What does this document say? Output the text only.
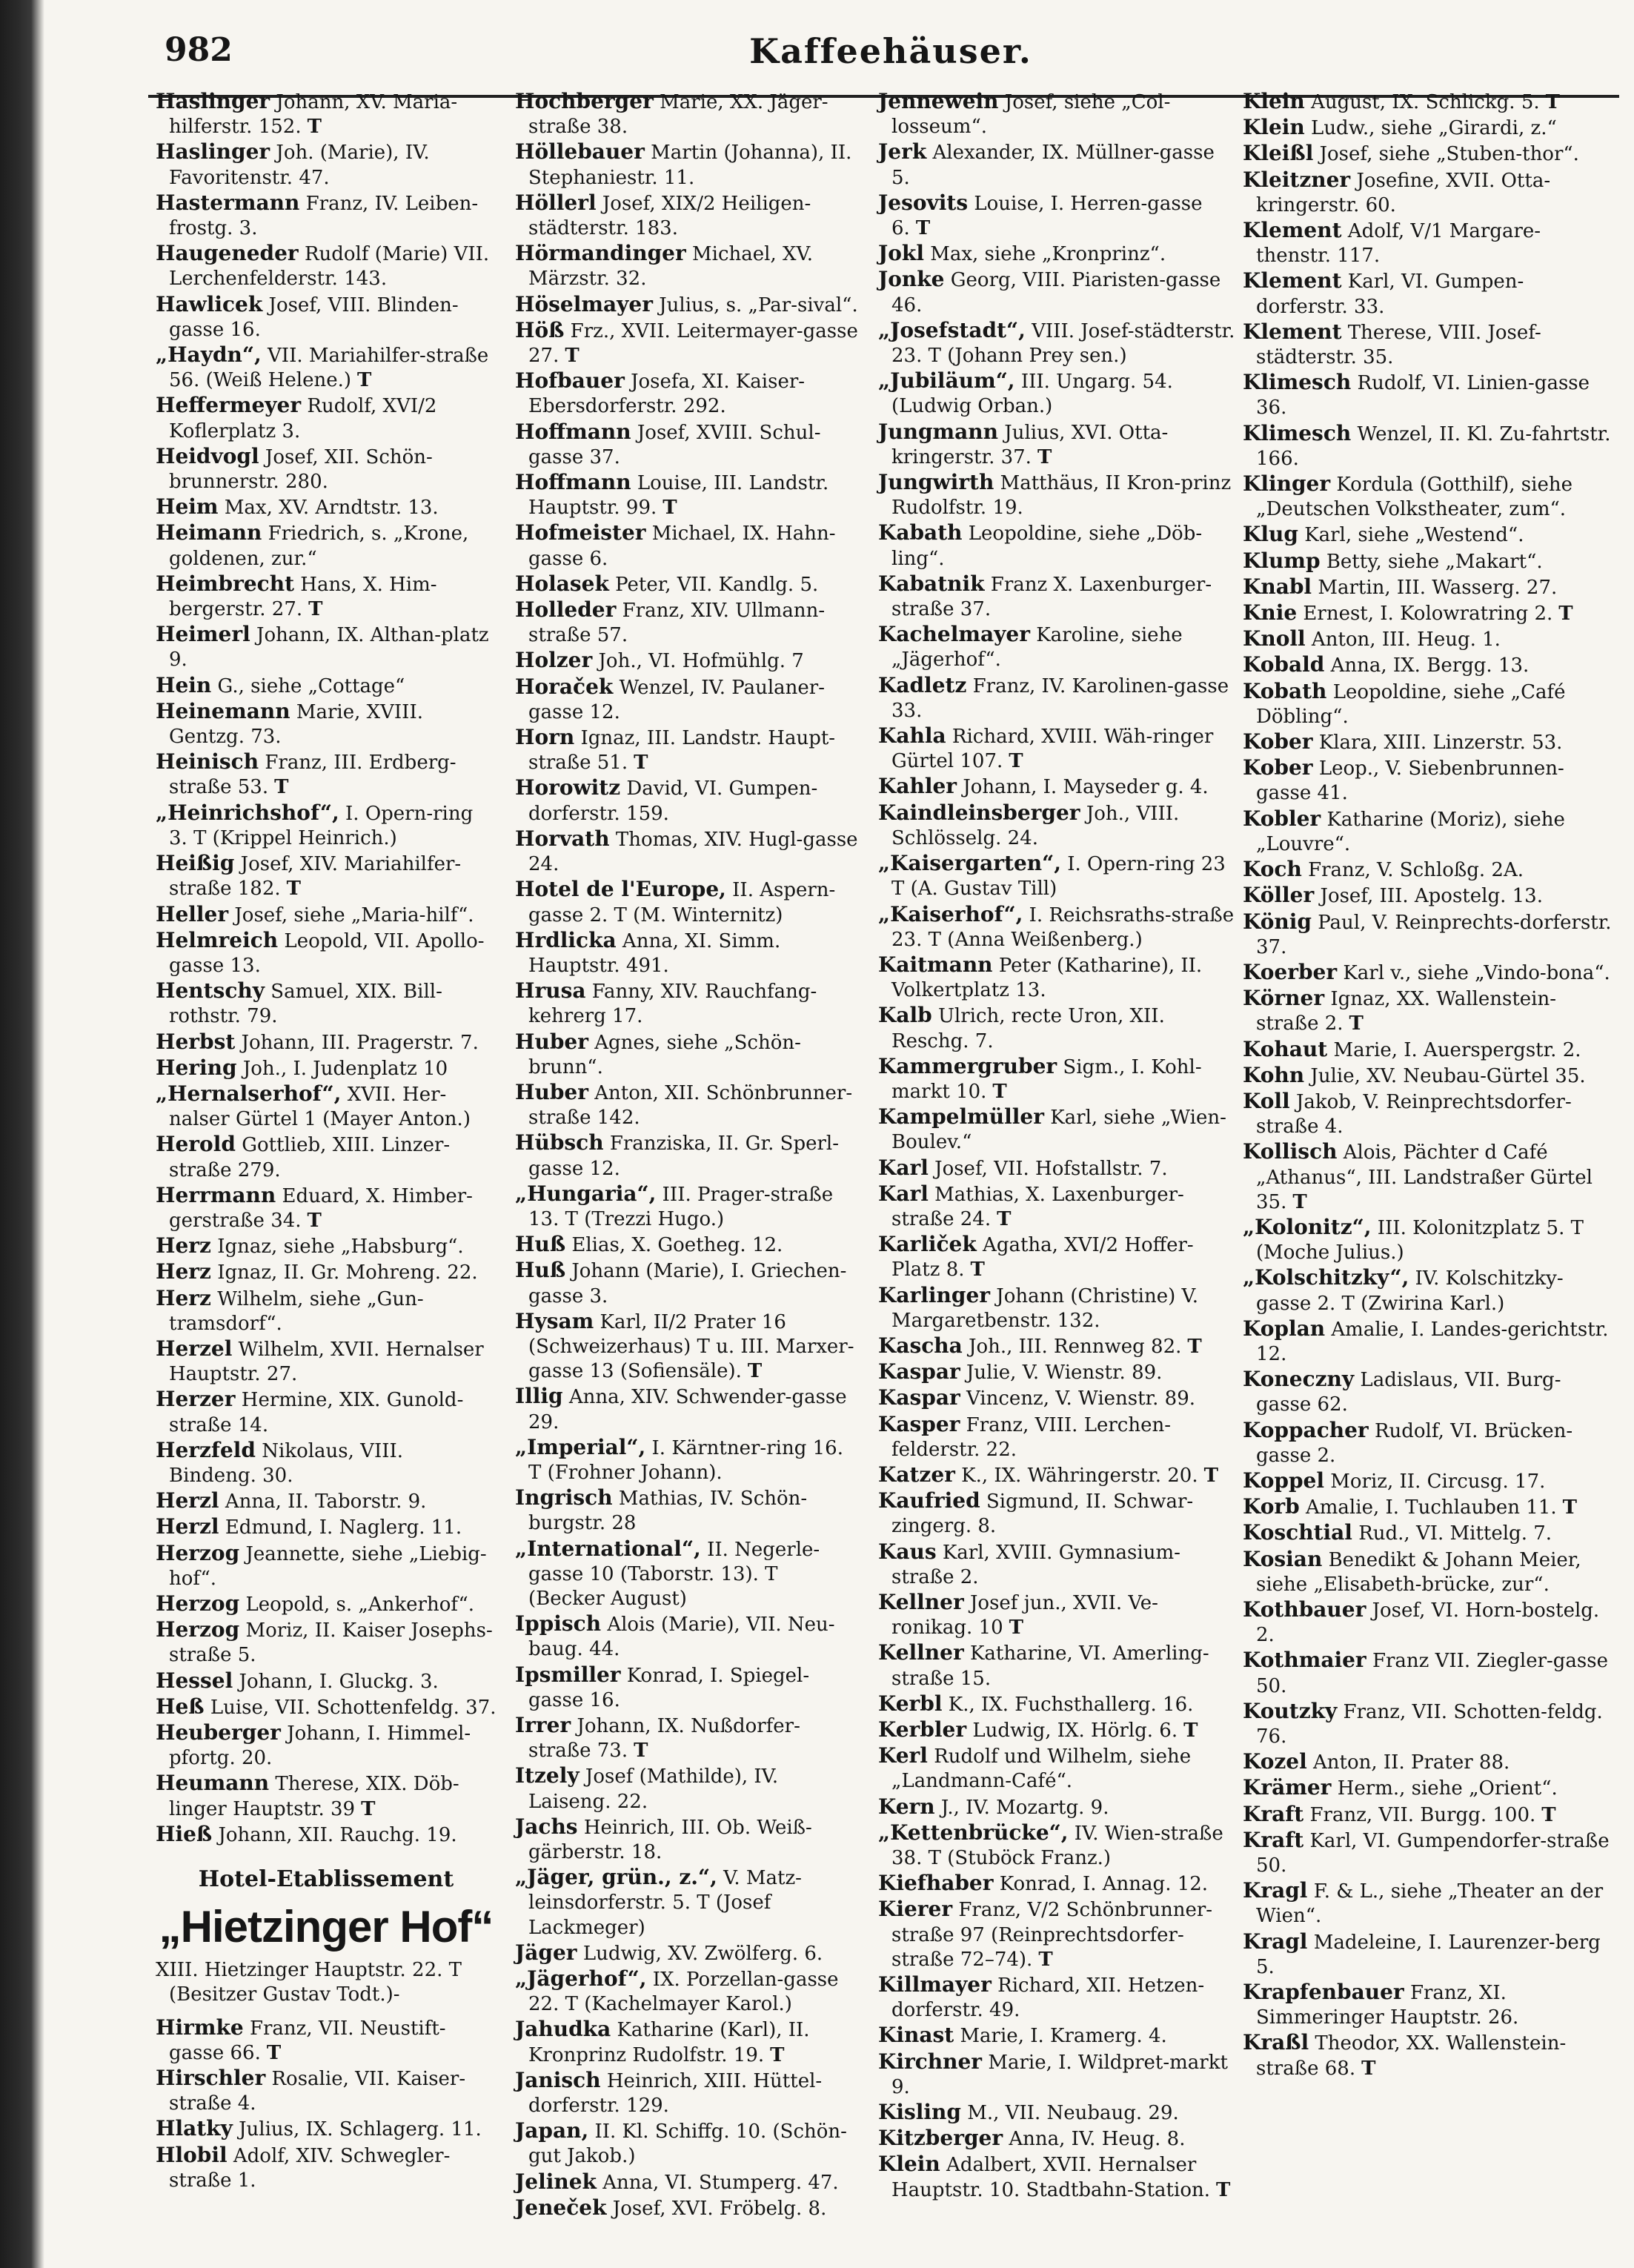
982	Kaffeehäuser.
Haslinger Johann, XV. Maria-hilferstr. 152. T
Haslinger Joh. (Marie), IV. Favoritenstr. 47.
Hastermann Franz, IV. Leiben-frostg. 3.
Haugeneder Rudolf (Marie) VII. Lerchenfelderstr. 143.
Hawlicek Josef, VIII. Blinden-gasse 16.
„Haydn“, VII. Mariahilfer-straße 56. (Weiß Helene.) T
Heffermeyer Rudolf, XVI/2 Koflerplatz 3.
Heidvogl Josef, XII. Schön-brunnerstr. 280.
Heim Max, XV. Arndtstr. 13.
Heimann Friedrich, s. „Krone, goldenen, zur.“
Heimbrecht Hans, X. Him-bergerstr. 27. T
Heimerl Johann, IX. Althan-platz 9.
Hein G., siehe „Cottage“
Heinemann Marie, XVIII. Gentzg. 73.
Heinisch Franz, III. Erdberg-straße 53. T
„Heinrichshof“, I. Opern-ring 3. T (Krippel Heinrich.)
Heißig Josef, XIV. Mariahilfer-straße 182. T
Heller Josef, siehe „Maria-hilf“.
Helmreich Leopold, VII. Apollo-gasse 13.
Hentschy Samuel, XIX. Bill-rothstr. 79.
Herbst Johann, III. Pragerstr. 7.
Hering Joh., I. Judenplatz 10
„Hernalserhof“, XVII. Her-nalser Gürtel 1 (Mayer Anton.)
Herold Gottlieb, XIII. Linzer-straße 279.
Herrmann Eduard, X. Himber-gerstraße 34. T
Herz Ignaz, siehe „Habsburg“.
Herz Ignaz, II. Gr. Mohreng. 22.
Herz Wilhelm, siehe „Gun-tramsdorf“.
Herzel Wilhelm, XVII. Hernalser Hauptstr. 27.
Herzer Hermine, XIX. Gunold-straße 14.
Herzfeld Nikolaus, VIII. Bindeng. 30.
Herzl Anna, II. Taborstr. 9.
Herzl Edmund, I. Naglerg. 11.
Herzog Jeannette, siehe „Liebig-hof“.
Herzog Leopold, s. „Ankerhof“.
Herzog Moriz, II. Kaiser Josephs-straße 5.
Hessel Johann, I. Gluckg. 3.
Heß Luise, VII. Schottenfeldg. 37.
Heuberger Johann, I. Himmel-pfortg. 20.
Heumann Therese, XIX. Döb-linger Hauptstr. 39 T
Hieß Johann, XII. Rauchg. 19.
Hotel-Etablissement
„Hietzinger Hof“
XIII. Hietzinger Hauptstr. 22. T (Besitzer Gustav Todt.)-
Hirmke Franz, VII. Neustift-gasse 66. T
Hirschler Rosalie, VII. Kaiser-straße 4.
Hlatky Julius, IX. Schlagerg. 11.
Hlobil Adolf, XIV. Schwegler-straße 1.
Hochberger Marie, XX. Jäger-straße 38.
Höllebauer Martin (Johanna), II. Stephaniestr. 11.
Höllerl Josef, XIX/2 Heiligen-städterstr. 183.
Hörmandinger Michael, XV. Märzstr. 32.
Höselmayer Julius, s. „Par-sival“.
Höß Frz., XVII. Leitermayer-gasse 27. T
Hofbauer Josefa, XI. Kaiser-Ebersdorferstr. 292.
Hoffmann Josef, XVIII. Schul-gasse 37.
Hoffmann Louise, III. Landstr. Hauptstr. 99. T
Hofmeister Michael, IX. Hahn-gasse 6.
Holasek Peter, VII. Kandlg. 5.
Holleder Franz, XIV. Ullmann-straße 57.
Holzer Joh., VI. Hofmühlg. 7
Horaček Wenzel, IV. Paulaner-gasse 12.
Horn Ignaz, III. Landstr. Haupt-straße 51. T
Horowitz David, VI. Gumpen-dorferstr. 159.
Horvath Thomas, XIV. Hugl-gasse 24.
Hotel de l'Europe, II. Aspern-gasse 2. T (M. Winternitz)
Hrdlicka Anna, XI. Simm. Hauptstr. 491.
Hrusa Fanny, XIV. Rauchfang-kehrerg 17.
Huber Agnes, siehe „Schön-brunn“.
Huber Anton, XII. Schönbrunner-straße 142.
Hübsch Franziska, II. Gr. Sperl-gasse 12.
„Hungaria“, III. Prager-straße 13. T (Trezzi Hugo.)
Huß Elias, X. Goetheg. 12.
Huß Johann (Marie), I. Griechen-gasse 3.
Hysam Karl, II/2 Prater 16 (Schweizerhaus) T u. III. Marxer-gasse 13 (Sofiensäle). T
Illig Anna, XIV. Schwender-gasse 29.
„Imperial“, I. Kärntner-ring 16. T (Frohner Johann).
Ingrisch Mathias, IV. Schön-burgstr. 28
„International“, II. Negerle-gasse 10 (Taborstr. 13). T (Becker August)
Ippisch Alois (Marie), VII. Neu-baug. 44.
Ipsmiller Konrad, I. Spiegel-gasse 16.
Irrer Johann, IX. Nußdorfer-straße 73. T
Itzely Josef (Mathilde), IV. Laiseng. 22.
Jachs Heinrich, III. Ob. Weiß-gärberstr. 18.
„Jäger, grün., z.“, V. Matz-leinsdorferstr. 5. T (Josef Lackmeger)
Jäger Ludwig, XV. Zwölferg. 6.
„Jägerhof“, IX. Porzellan-gasse 22. T (Kachelmayer Karol.)
Jahudka Katharine (Karl), II. Kronprinz Rudolfstr. 19. T
Janisch Heinrich, XIII. Hüttel-dorferstr. 129.
Japan, II. Kl. Schiffg. 10. (Schön-gut Jakob.)
Jelinek Anna, VI. Stumperg. 47.
Jeneček Josef, XVI. Fröbelg. 8.
Jennewein Josef, siehe „Col-losseum“.
Jerk Alexander, IX. Müllner-gasse 5.
Jesovits Louise, I. Herren-gasse 6. T
Jokl Max, siehe „Kronprinz“.
Jonke Georg, VIII. Piaristen-gasse 46.
„Josefstadt“, VIII. Josef-städterstr. 23. T (Johann Prey sen.)
„Jubiläum“, III. Ungarg. 54. (Ludwig Orban.)
Jungmann Julius, XVI. Otta-kringerstr. 37. T
Jungwirth Matthäus, II Kron-prinz Rudolfstr. 19.
Kabath Leopoldine, siehe „Döb-ling“.
Kabatnik Franz X. Laxenburger-straße 37.
Kachelmayer Karoline, siehe „Jägerhof“.
Kadletz Franz, IV. Karolinen-gasse 33.
Kahla Richard, XVIII. Wäh-ringer Gürtel 107. T
Kahler Johann, I. Mayseder g. 4.
Kaindleinsberger Joh., VIII. Schlösselg. 24.
„Kaisergarten“, I. Opern-ring 23 T (A. Gustav Till)
„Kaiserhof“, I. Reichsraths-straße 23. T (Anna Weißenberg.)
Kaitmann Peter (Katharine), II. Volkertplatz 13.
Kalb Ulrich, recte Uron, XII. Reschg. 7.
Kammergruber Sigm., I. Kohl-markt 10. T
Kampelmüller Karl, siehe „Wien-Boulev.“
Karl Josef, VII. Hofstallstr. 7.
Karl Mathias, X. Laxenburger-straße 24. T
Karliček Agatha, XVI/2 Hoffer-Platz 8. T
Karlinger Johann (Christine) V. Margaretbenstr. 132.
Kascha Joh., III. Rennweg 82. T
Kaspar Julie, V. Wienstr. 89.
Kaspar Vincenz, V. Wienstr. 89.
Kasper Franz, VIII. Lerchen-felderstr. 22.
Katzer K., IX. Währingerstr. 20. T
Kaufried Sigmund, II. Schwar-zingerg. 8.
Kaus Karl, XVIII. Gymnasium-straße 2.
Kellner Josef jun., XVII. Ve-ronikag. 10 T
Kellner Katharine, VI. Amerling-straße 15.
Kerbl K., IX. Fuchsthallerg. 16.
Kerbler Ludwig, IX. Hörlg. 6. T
Kerl Rudolf und Wilhelm, siehe „Landmann-Café“.
Kern J., IV. Mozartg. 9.
„Kettenbrücke“, IV. Wien-straße 38. T (Stuböck Franz.)
Kiefhaber Konrad, I. Annag. 12.
Kierer Franz, V/2 Schönbrunner-straße 97 (Reinprechtsdorfer-straße 72–74). T
Killmayer Richard, XII. Hetzen-dorferstr. 49.
Kinast Marie, I. Kramerg. 4.
Kirchner Marie, I. Wildpret-markt 9.
Kisling M., VII. Neubaug. 29.
Kitzberger Anna, IV. Heug. 8.
Klein Adalbert, XVII. Hernalser Hauptstr. 10. Stadtbahn-Station. T
Klein August, IX. Schlickg. 5. T
Klein Ludw., siehe „Girardi, z.“
Kleißl Josef, siehe „Stuben-thor“.
Kleitzner Josefine, XVII. Otta-kringerstr. 60.
Klement Adolf, V/1 Margare-thenstr. 117.
Klement Karl, VI. Gumpen-dorferstr. 33.
Klement Therese, VIII. Josef-städterstr. 35.
Klimesch Rudolf, VI. Linien-gasse 36.
Klimesch Wenzel, II. Kl. Zu-fahrtstr. 166.
Klinger Kordula (Gotthilf), siehe „Deutschen Volkstheater, zum“.
Klug Karl, siehe „Westend“.
Klump Betty, siehe „Makart“.
Knabl Martin, III. Wasserg. 27.
Knie Ernest, I. Kolowratring 2. T
Knoll Anton, III. Heug. 1.
Kobald Anna, IX. Bergg. 13.
Kobath Leopoldine, siehe „Café Döbling“.
Kober Klara, XIII. Linzerstr. 53.
Kober Leop., V. Siebenbrunnen-gasse 41.
Kobler Katharine (Moriz), siehe „Louvre“.
Koch Franz, V. Schloßg. 2A.
Köller Josef, III. Apostelg. 13.
König Paul, V. Reinprechts-dorferstr. 37.
Koerber Karl v., siehe „Vindo-bona“.
Körner Ignaz, XX. Wallenstein-straße 2. T
Kohaut Marie, I. Auerspergstr. 2.
Kohn Julie, XV. Neubau-Gürtel 35.
Koll Jakob, V. Reinprechtsdorfer-straße 4.
Kollisch Alois, Pächter d Café „Athanus“, III. Landstraßer Gürtel 35. T
„Kolonitz“, III. Kolonitzplatz 5. T (Moche Julius.)
„Kolschitzky“, IV. Kolschitzky-gasse 2. T (Zwirina Karl.)
Koplan Amalie, I. Landes-gerichtstr. 12.
Koneczny Ladislaus, VII. Burg-gasse 62.
Koppacher Rudolf, VI. Brücken-gasse 2.
Koppel Moriz, II. Circusg. 17.
Korb Amalie, I. Tuchlauben 11. T
Koschtial Rud., VI. Mittelg. 7.
Kosian Benedikt & Johann Meier, siehe „Elisabeth-brücke, zur“.
Kothbauer Josef, VI. Horn-bostelg. 2.
Kothmaier Franz VII. Ziegler-gasse 50.
Koutzky Franz, VII. Schotten-feldg. 76.
Kozel Anton, II. Prater 88.
Krämer Herm., siehe „Orient“.
Kraft Franz, VII. Burgg. 100. T
Kraft Karl, VI. Gumpendorfer-straße 50.
Kragl F. & L., siehe „Theater an der Wien“.
Kragl Madeleine, I. Laurenzer-berg 5.
Krapfenbauer Franz, XI. Simmeringer Hauptstr. 26.
Kraßl Theodor, XX. Wallenstein-straße 68. T
